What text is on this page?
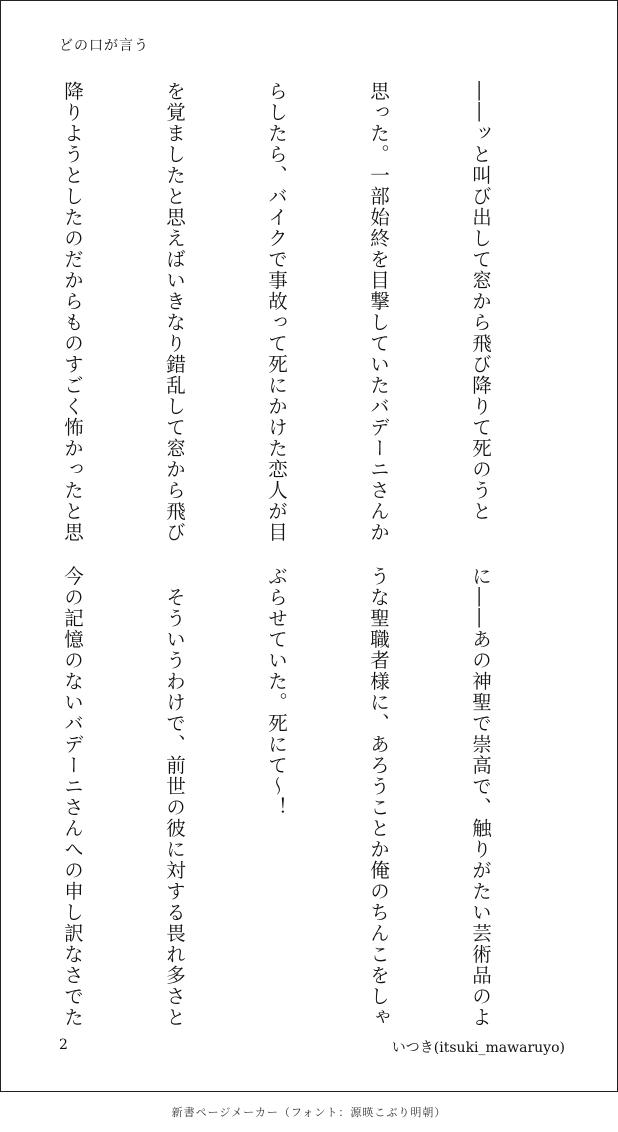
どの口が言う

――ッと叫び出して窓から飛び降りて死のうと

思った。一部始終を目撃していたバデーニさんか

らしたら、バイクで事故って死にかけた恋人が目

を覚ましたと思えばいきなり錯乱して窓から飛び

降りようとしたのだからものすごく怖かったと思

に――あの神聖で崇高で、触りがたい芸術品のよ

うな聖職者様に、あろうことか俺のちんこをしゃ

ぶらせていた。死にて～！

　そういうわけで、前世の彼に対する畏れ多さと

今の記憶のないバデーニさんへの申し訳なさでた

2	いつき(itsuki_mawaruyo)
新書ページメーカー（フォント：源暎こぶり明朝）
